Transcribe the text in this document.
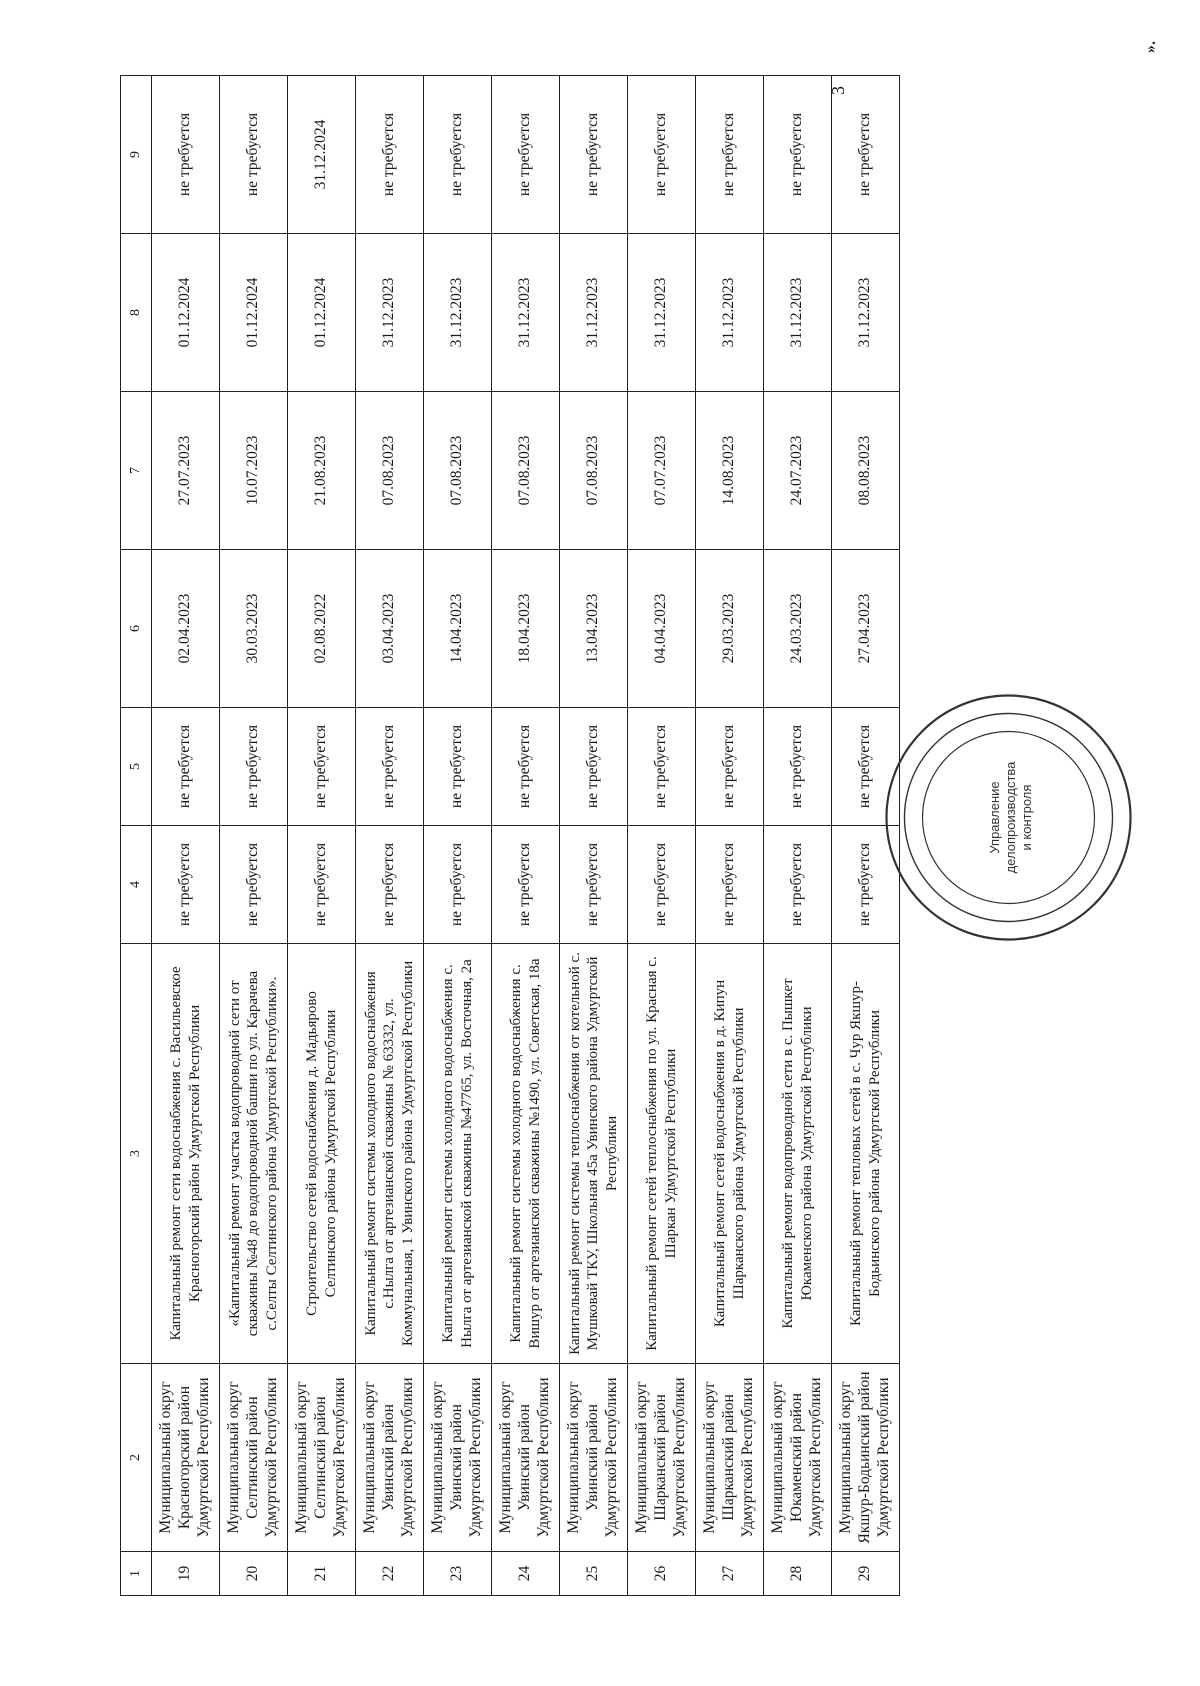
3
».
1	2	3	4	5	6	7	8	9
19	Муниципальный округ Красногорский район Удмуртской Республики	Капитальный ремонт сети водоснабжения с. Васильевское Красногорский район Удмуртской Республики	не требуется	не требуется	02.04.2023	27.07.2023	01.12.2024	не требуется
20	Муниципальный округ Селтинский район Удмуртской Республики	«Капитальный ремонт участка водопроводной сети от скважины №48 до водопроводной башни по ул. Карачева с.Селты Селтинского района Удмуртской Республики».	не требуется	не требуется	30.03.2023	10.07.2023	01.12.2024	не требуется
21	Муниципальный округ Селтинский район Удмуртской Республики	Строительство сетей водоснабжения д. Мадьярово Селтинского района Удмуртской Республики	не требуется	не требуется	02.08.2022	21.08.2023	01.12.2024	31.12.2024
22	Муниципальный округ Увинский район Удмуртской Республики	Капитальный ремонт системы холодного водоснабжения с.Нылга от артезианской скважины № 63332, ул. Коммунальная, 1 Увинского района Удмуртской Республики	не требуется	не требуется	03.04.2023	07.08.2023	31.12.2023	не требуется
23	Муниципальный округ Увинский район Удмуртской Республики	Капитальный ремонт системы холодного водоснабжения с. Нылга от артезианской скважины №47765, ул. Восточная, 2а	не требуется	не требуется	14.04.2023	07.08.2023	31.12.2023	не требуется
24	Муниципальный округ Увинский район Удмуртской Республики	Капитальный ремонт системы холодного водоснабжения с. Вишур от артезианской скважины №1490, ул. Советская, 18а	не требуется	не требуется	18.04.2023	07.08.2023	31.12.2023	не требуется
25	Муниципальный округ Увинский район Удмуртской Республики	Капитальный ремонт системы теплоснабжения от котельной с. Мушковай ТКУ, Школьная 45а Увинского района Удмуртской Республики	не требуется	не требуется	13.04.2023	07.08.2023	31.12.2023	не требуется
26	Муниципальный округ Шарканский район Удмуртской Республики	Капитальный ремонт сетей теплоснабжения по ул. Красная с. Шаркан Удмуртской Республики	не требуется	не требуется	04.04.2023	07.07.2023	31.12.2023	не требуется
27	Муниципальный округ Шарканский район Удмуртской Республики	Капитальный ремонт сетей водоснабжения в д. Кипун Шарканского района Удмуртской Республики	не требуется	не требуется	29.03.2023	14.08.2023	31.12.2023	не требуется
28	Муниципальный округ Юкаменский район Удмуртской Республики	Капитальный ремонт водопроводной сети в с. Пышкет Юкаменского района Удмуртской Республики	не требуется	не требуется	24.03.2023	24.07.2023	31.12.2023	не требуется
29	Муниципальный округ Якшур-Бодьинский район Удмуртской Республики	Капитальный ремонт тепловых сетей в с. Чур Якшур-Бодьинского района Удмуртской Республики	не требуется	не требуется	27.04.2023	08.08.2023	31.12.2023	не требуется
Управление делопроизводства и контроля
